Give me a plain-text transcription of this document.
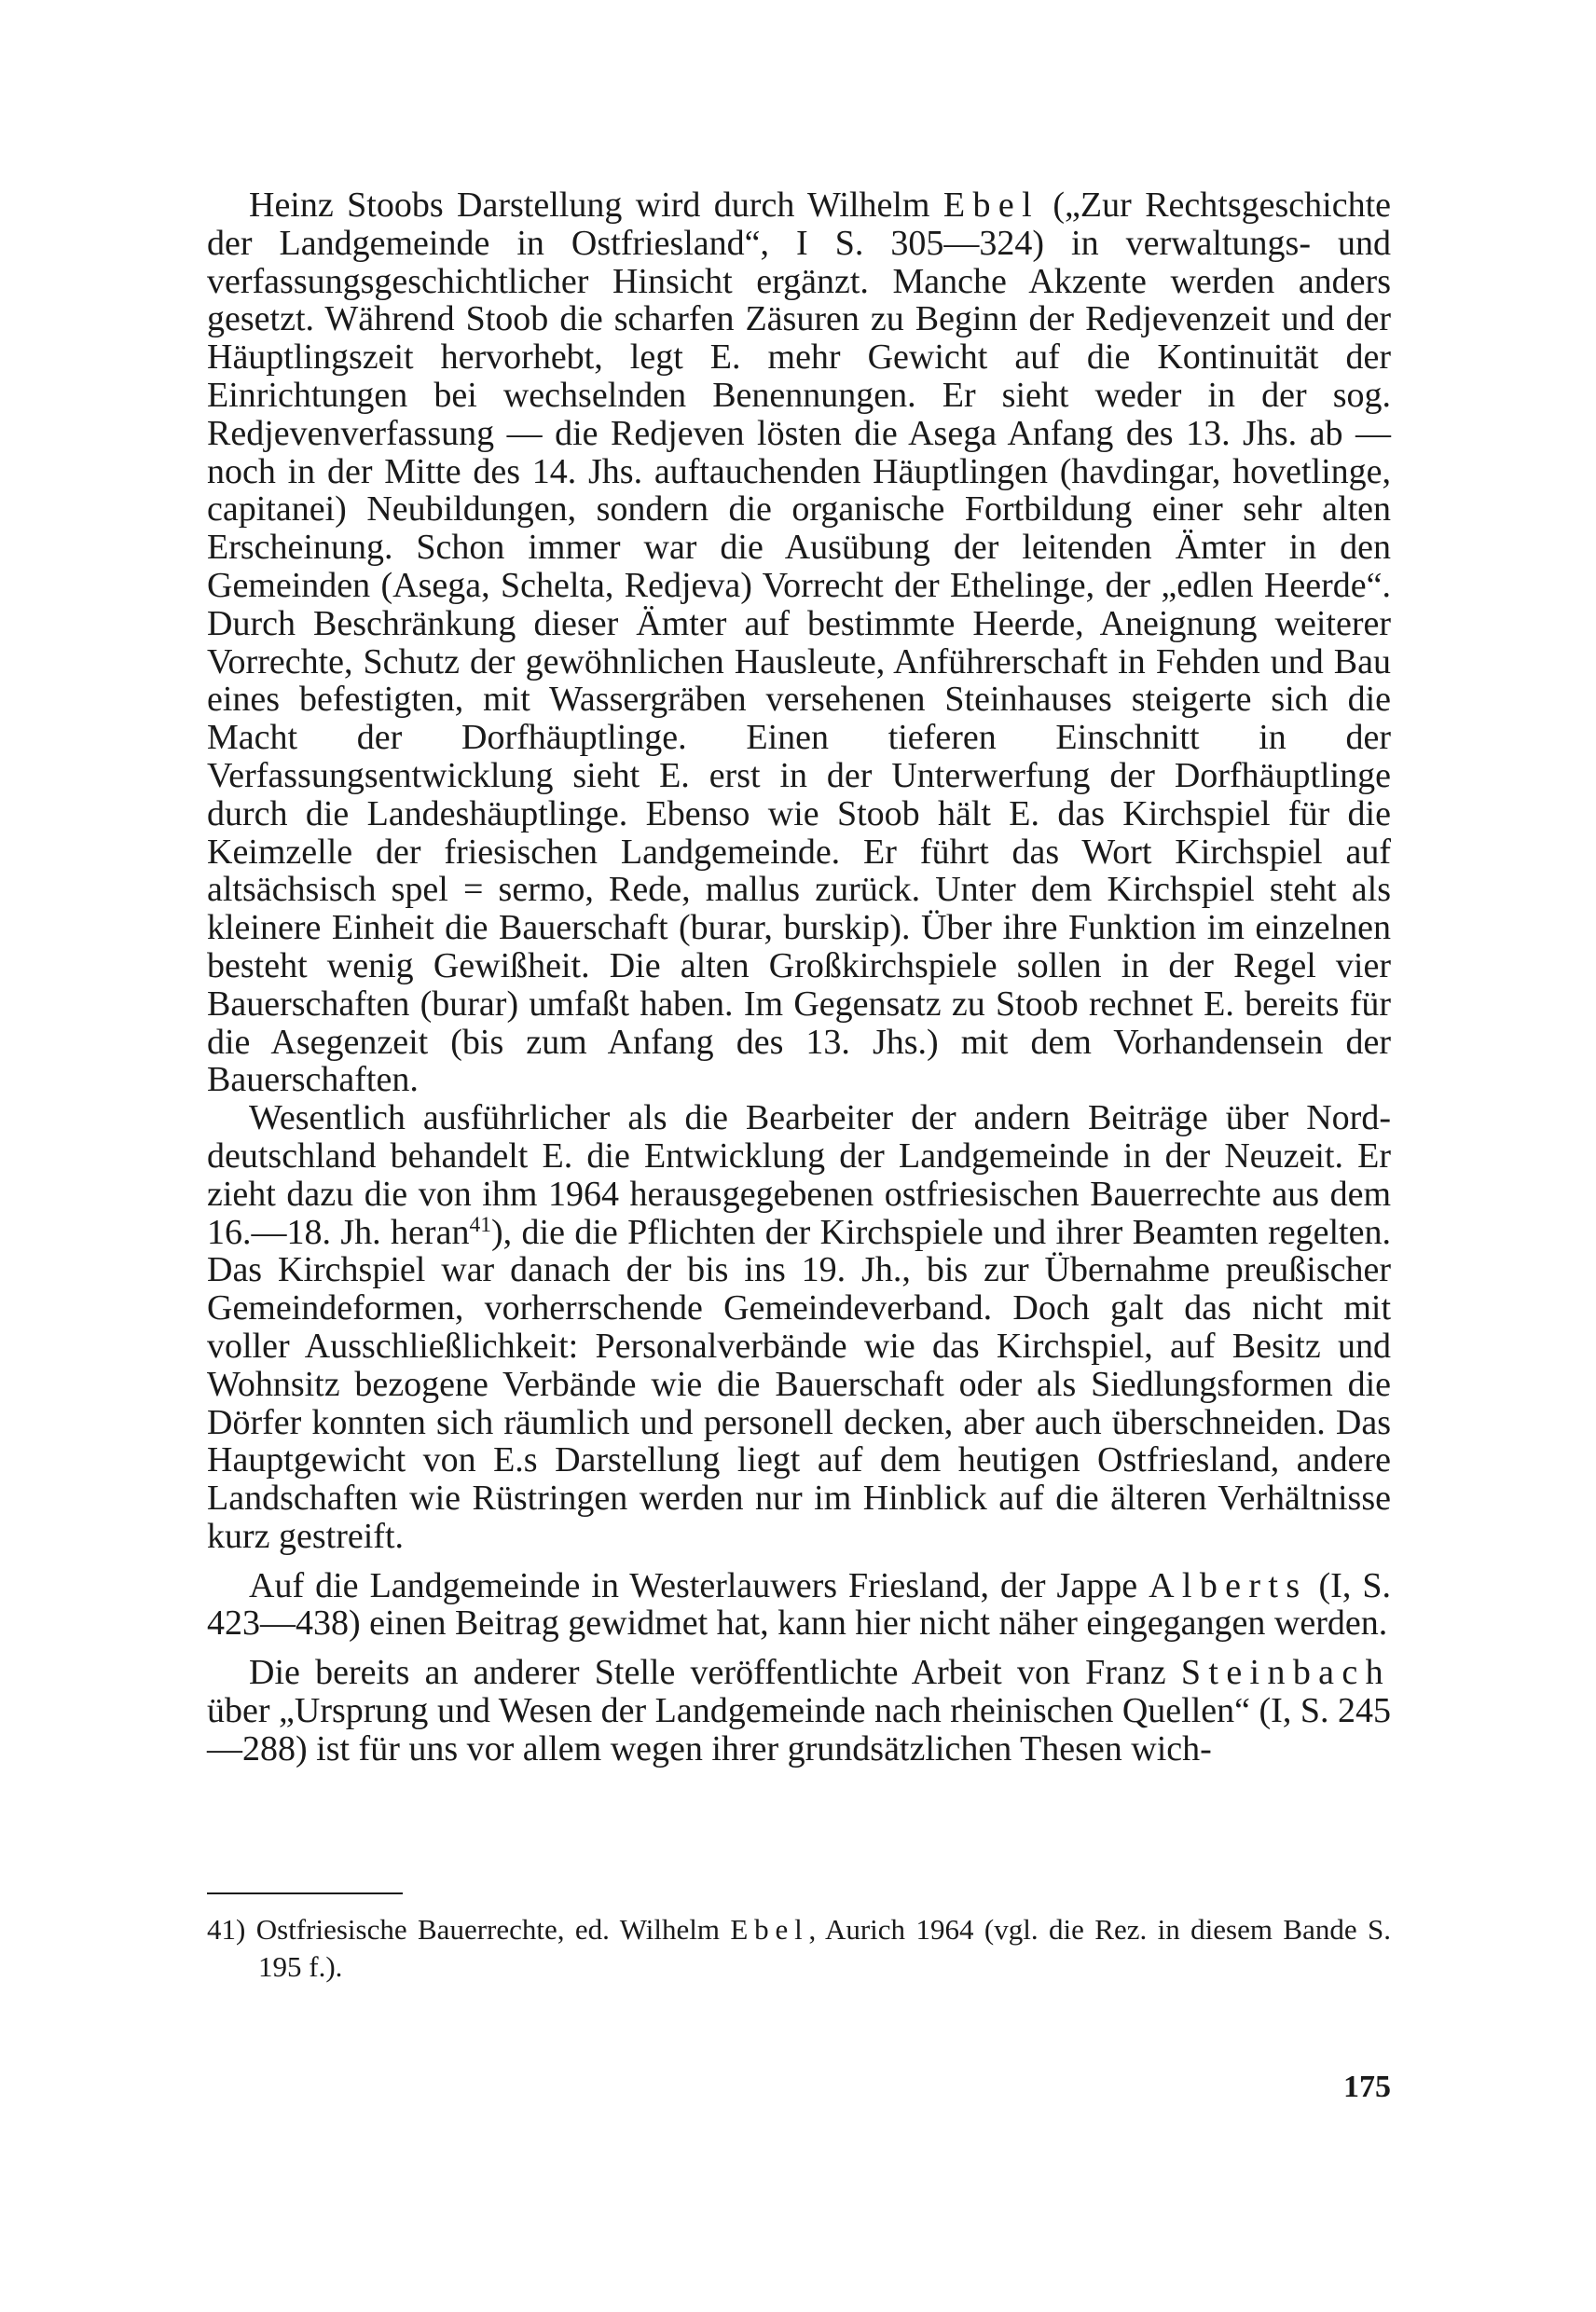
Heinz Stoobs Darstellung wird durch Wilhelm Ebel („Zur Rechtsgeschichte der Landgemeinde in Ostfriesland“, I S. 305—324) in verwaltungs- und verfassungsgeschichtlicher Hinsicht ergänzt. Manche Akzente werden anders gesetzt. Während Stoob die scharfen Zäsuren zu Beginn der Redjevenzeit und der Häuptlingszeit hervorhebt, legt E. mehr Gewicht auf die Kontinuität der Einrichtungen bei wechselnden Benennungen. Er sieht weder in der sog. Redjevenverfassung — die Redjeven lösten die Asega Anfang des 13. Jhs. ab — noch in der Mitte des 14. Jhs. auftauchenden Häuptlingen (havdingar, hovetlinge, capitanei) Neubildungen, sondern die organische Fortbildung einer sehr alten Erscheinung. Schon immer war die Ausübung der leitenden Ämter in den Gemeinden (Asega, Schelta, Redjeva) Vorrecht der Ethelinge, der „edlen Heerde“. Durch Beschränkung dieser Ämter auf bestimmte Heerde, Aneignung weiterer Vorrechte, Schutz der gewöhnlichen Hausleute, Anführerschaft in Fehden und Bau eines befestigten, mit Wassergräben versehenen Steinhauses steigerte sich die Macht der Dorfhäuptlinge. Einen tieferen Einschnitt in der Verfassungsentwicklung sieht E. erst in der Unterwerfung der Dorfhäuptlinge durch die Landeshäuptlinge. Ebenso wie Stoob hält E. das Kirchspiel für die Keimzelle der friesischen Landgemeinde. Er führt das Wort Kirchspiel auf altsächsisch spel = sermo, Rede, mallus zurück. Unter dem Kirchspiel steht als kleinere Einheit die Bauerschaft (burar, burskip). Über ihre Funktion im einzelnen besteht wenig Gewißheit. Die alten Großkirchspiele sollen in der Regel vier Bauerschaften (burar) umfaßt haben. Im Gegensatz zu Stoob rechnet E. bereits für die Asegenzeit (bis zum Anfang des 13. Jhs.) mit dem Vorhandensein der Bauerschaften.

Wesentlich ausführlicher als die Bearbeiter der andern Beiträge über Norddeutschland behandelt E. die Entwicklung der Landgemeinde in der Neuzeit. Er zieht dazu die von ihm 1964 herausgegebenen ostfriesischen Bauerrechte aus dem 16.—18. Jh. heran$^{41}$), die die Pflichten der Kirchspiele und ihrer Beamten regelten. Das Kirchspiel war danach der bis ins 19. Jh., bis zur Übernahme preußischer Gemeindeformen, vorherrschende Gemeindeverband. Doch galt das nicht mit voller Ausschließlichkeit: Personalverbände wie das Kirchspiel, auf Besitz und Wohnsitz bezogene Verbände wie die Bauerschaft oder als Siedlungsformen die Dörfer konnten sich räumlich und personell decken, aber auch überschneiden. Das Hauptgewicht von E.s Darstellung liegt auf dem heutigen Ostfriesland, andere Landschaften wie Rüstringen werden nur im Hinblick auf die älteren Verhältnisse kurz gestreift.

Auf die Landgemeinde in Westerlauwers Friesland, der Jappe Alberts (I, S. 423—438) einen Beitrag gewidmet hat, kann hier nicht näher eingegangen werden.

Die bereits an anderer Stelle veröffentlichte Arbeit von Franz Steinbach über „Ursprung und Wesen der Landgemeinde nach rheinischen Quellen“ (I, S. 245—288) ist für uns vor allem wegen ihrer grundsätzlichen Thesen wich-

41) Ostfriesische Bauerrechte, ed. Wilhelm Ebel, Aurich 1964 (vgl. die Rez. in diesem Bande S. 195 f.).

175
